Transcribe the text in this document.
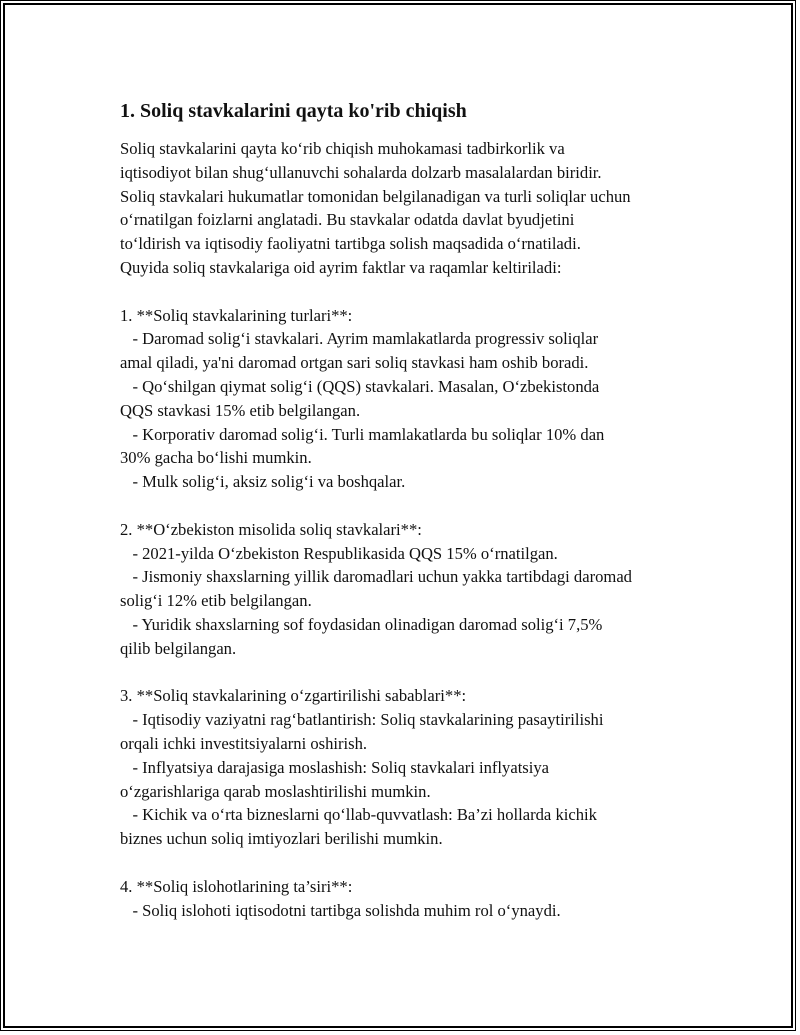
1. Soliq stavkalarini qayta ko'rib chiqish
Soliq stavkalarini qayta ko‘rib chiqish muhokamasi tadbirkorlik va
iqtisodiyot bilan shug‘ullanuvchi sohalarda dolzarb masalalardan biridir.
Soliq stavkalari hukumatlar tomonidan belgilanadigan va turli soliqlar uchun
o‘rnatilgan foizlarni anglatadi. Bu stavkalar odatda davlat byudjetini
to‘ldirish va iqtisodiy faoliyatni tartibga solish maqsadida o‘rnatiladi.
Quyida soliq stavkalariga oid ayrim faktlar va raqamlar keltiriladi:
1. **Soliq stavkalarining turlari**:
- Daromad solig‘i stavkalari. Ayrim mamlakatlarda progressiv soliqlar
amal qiladi, ya'ni daromad ortgan sari soliq stavkasi ham oshib boradi.
- Qo‘shilgan qiymat solig‘i (QQS) stavkalari. Masalan, O‘zbekistonda
QQS stavkasi 15% etib belgilangan.
- Korporativ daromad solig‘i. Turli mamlakatlarda bu soliqlar 10% dan
30% gacha bo‘lishi mumkin.
- Mulk solig‘i, aksiz solig‘i va boshqalar.
2. **O‘zbekiston misolida soliq stavkalari**:
- 2021-yilda O‘zbekiston Respublikasida QQS 15% o‘rnatilgan.
- Jismoniy shaxslarning yillik daromadlari uchun yakka tartibdagi daromad
solig‘i 12% etib belgilangan.
- Yuridik shaxslarning sof foydasidan olinadigan daromad solig‘i 7,5%
qilib belgilangan.
3. **Soliq stavkalarining o‘zgartirilishi sabablari**:
- Iqtisodiy vaziyatni rag‘batlantirish: Soliq stavkalarining pasaytirilishi
orqali ichki investitsiyalarni oshirish.
- Inflyatsiya darajasiga moslashish: Soliq stavkalari inflyatsiya
o‘zgarishlariga qarab moslashtirilishi mumkin.
- Kichik va o‘rta bizneslarni qo‘llab-quvvatlash: Ba’zi hollarda kichik
biznes uchun soliq imtiyozlari berilishi mumkin.
4. **Soliq islohotlarining ta’siri**:
- Soliq islohoti iqtisodotni tartibga solishda muhim rol o‘ynaydi.
